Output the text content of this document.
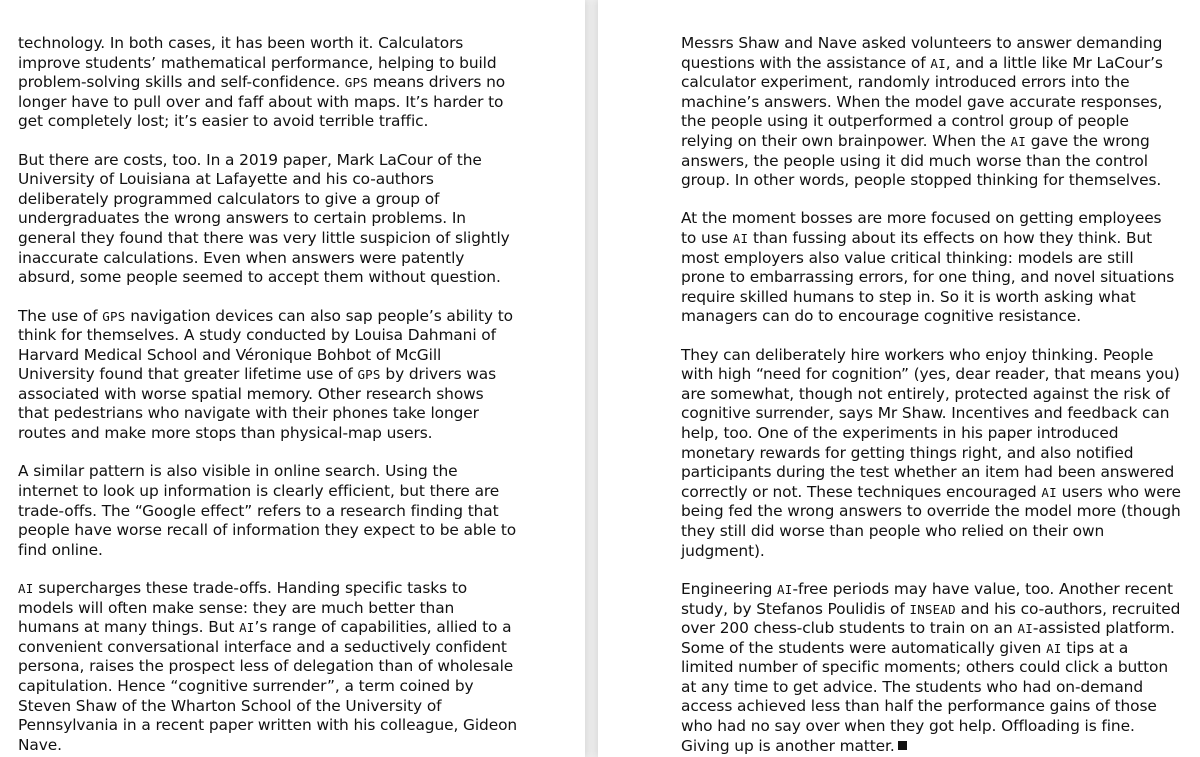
technology. In both cases, it has been worth it. Calculators improve students’ mathematical performance, helping to build problem-solving skills and self-confidence. GPS means drivers no longer have to pull over and faff about with maps. It’s harder to get completely lost; it’s easier to avoid terrible traffic.

But there are costs, too. In a 2019 paper, Mark LaCour of the University of Louisiana at Lafayette and his co-authors deliberately programmed calculators to give a group of undergraduates the wrong answers to certain problems. In general they found that there was very little suspicion of slightly inaccurate calculations. Even when answers were patently absurd, some people seemed to accept them without question.

The use of GPS navigation devices can also sap people’s ability to think for themselves. A study conducted by Louisa Dahmani of Harvard Medical School and Véronique Bohbot of McGill University found that greater lifetime use of GPS by drivers was associated with worse spatial memory. Other research shows that pedestrians who navigate with their phones take longer routes and make more stops than physical-map users.

A similar pattern is also visible in online search. Using the internet to look up information is clearly efficient, but there are trade-offs. The “Google effect” refers to a research finding that people have worse recall of information they expect to be able to find online.

AI supercharges these trade-offs. Handing specific tasks to models will often make sense: they are much better than humans at many things. But AI’s range of capabilities, allied to a convenient conversational interface and a seductively confident persona, raises the prospect less of delegation than of wholesale capitulation. Hence “cognitive surrender”, a term coined by Steven Shaw of the Wharton School of the University of Pennsylvania in a recent paper written with his colleague, Gideon Nave.

Messrs Shaw and Nave asked volunteers to answer demanding questions with the assistance of AI, and a little like Mr LaCour’s calculator experiment, randomly introduced errors into the machine’s answers. When the model gave accurate responses, the people using it outperformed a control group of people relying on their own brainpower. When the AI gave the wrong answers, the people using it did much worse than the control group. In other words, people stopped thinking for themselves.

At the moment bosses are more focused on getting employees to use AI than fussing about its effects on how they think. But most employers also value critical thinking: models are still prone to embarrassing errors, for one thing, and novel situations require skilled humans to step in. So it is worth asking what managers can do to encourage cognitive resistance.

They can deliberately hire workers who enjoy thinking. People with high “need for cognition” (yes, dear reader, that means you) are somewhat, though not entirely, protected against the risk of cognitive surrender, says Mr Shaw. Incentives and feedback can help, too. One of the experiments in his paper introduced monetary rewards for getting things right, and also notified participants during the test whether an item had been answered correctly or not. These techniques encouraged AI users who were being fed the wrong answers to override the model more (though they still did worse than people who relied on their own judgment).

Engineering AI-free periods may have value, too. Another recent study, by Stefanos Poulidis of INSEAD and his co-authors, recruited over 200 chess-club students to train on an AI-assisted platform. Some of the students were automatically given AI tips at a limited number of specific moments; others could click a button at any time to get advice. The students who had on-demand access achieved less than half the performance gains of those who had no say over when they got help. Offloading is fine. Giving up is another matter.
